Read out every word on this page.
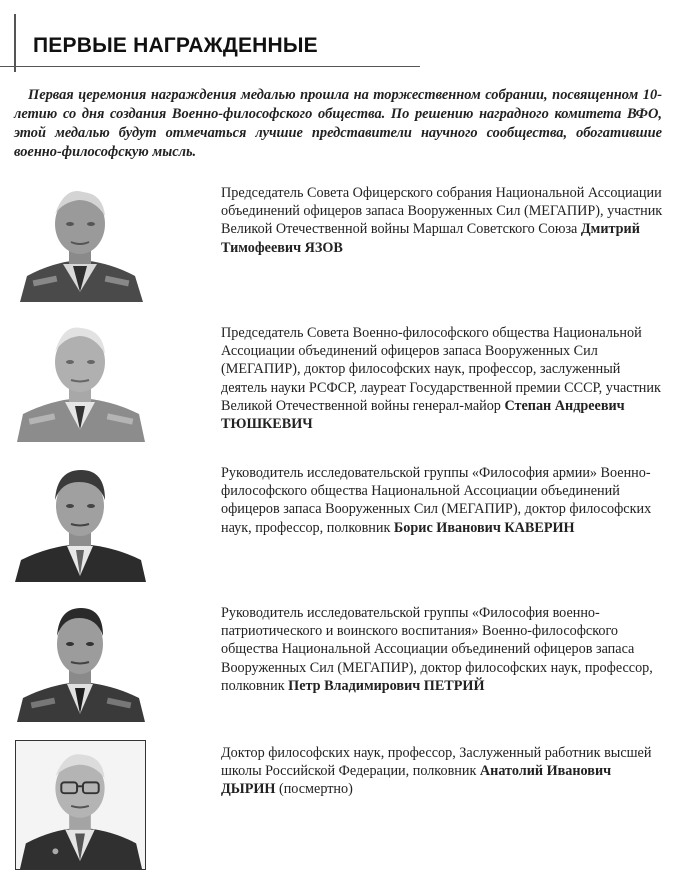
ПЕРВЫЕ НАГРАЖДЕННЫЕ

Первая церемония награждения медалью прошла на торжественном собрании, посвященном 10-летию со дня создания Военно-философского общества. По решению наградного комитета ВФО, этой медалью будут отмечаться лучшие представители научного сообщества, обогатившие военно-философскую мысль.

Председатель Совета Офицерского собрания Национальной Ассоциации объединений офицеров запаса Вооруженных Сил (МЕГАПИР), участник Великой Отечественной войны Маршал Советского Союза Дмитрий Тимофеевич ЯЗОВ

Председатель Совета Военно-философского общества Национальной Ассоциации объединений офицеров запаса Вооруженных Сил (МЕГАПИР), доктор философских наук, профессор, заслуженный деятель науки РСФСР, лауреат Государственной премии СССР, участник Великой Отечественной войны генерал-майор Степан Андреевич ТЮШКЕВИЧ

Руководитель исследовательской группы «Философия армии» Военно-философского общества Национальной Ассоциации объединений офицеров запаса Вооруженных Сил (МЕГАПИР), доктор философских наук, профессор, полковник Борис Иванович КАВЕРИН

Руководитель исследовательской группы «Философия военно-патриотического и воинского воспитания» Военно-философского общества Национальной Ассоциации объединений офицеров запаса Вооруженных Сил (МЕГАПИР), доктор философских наук, профессор, полковник Петр Владимирович ПЕТРИЙ

Доктор философских наук, профессор, Заслуженный работник высшей школы Российской Федерации, полковник Анатолий Иванович ДЫРИН (посмертно)
